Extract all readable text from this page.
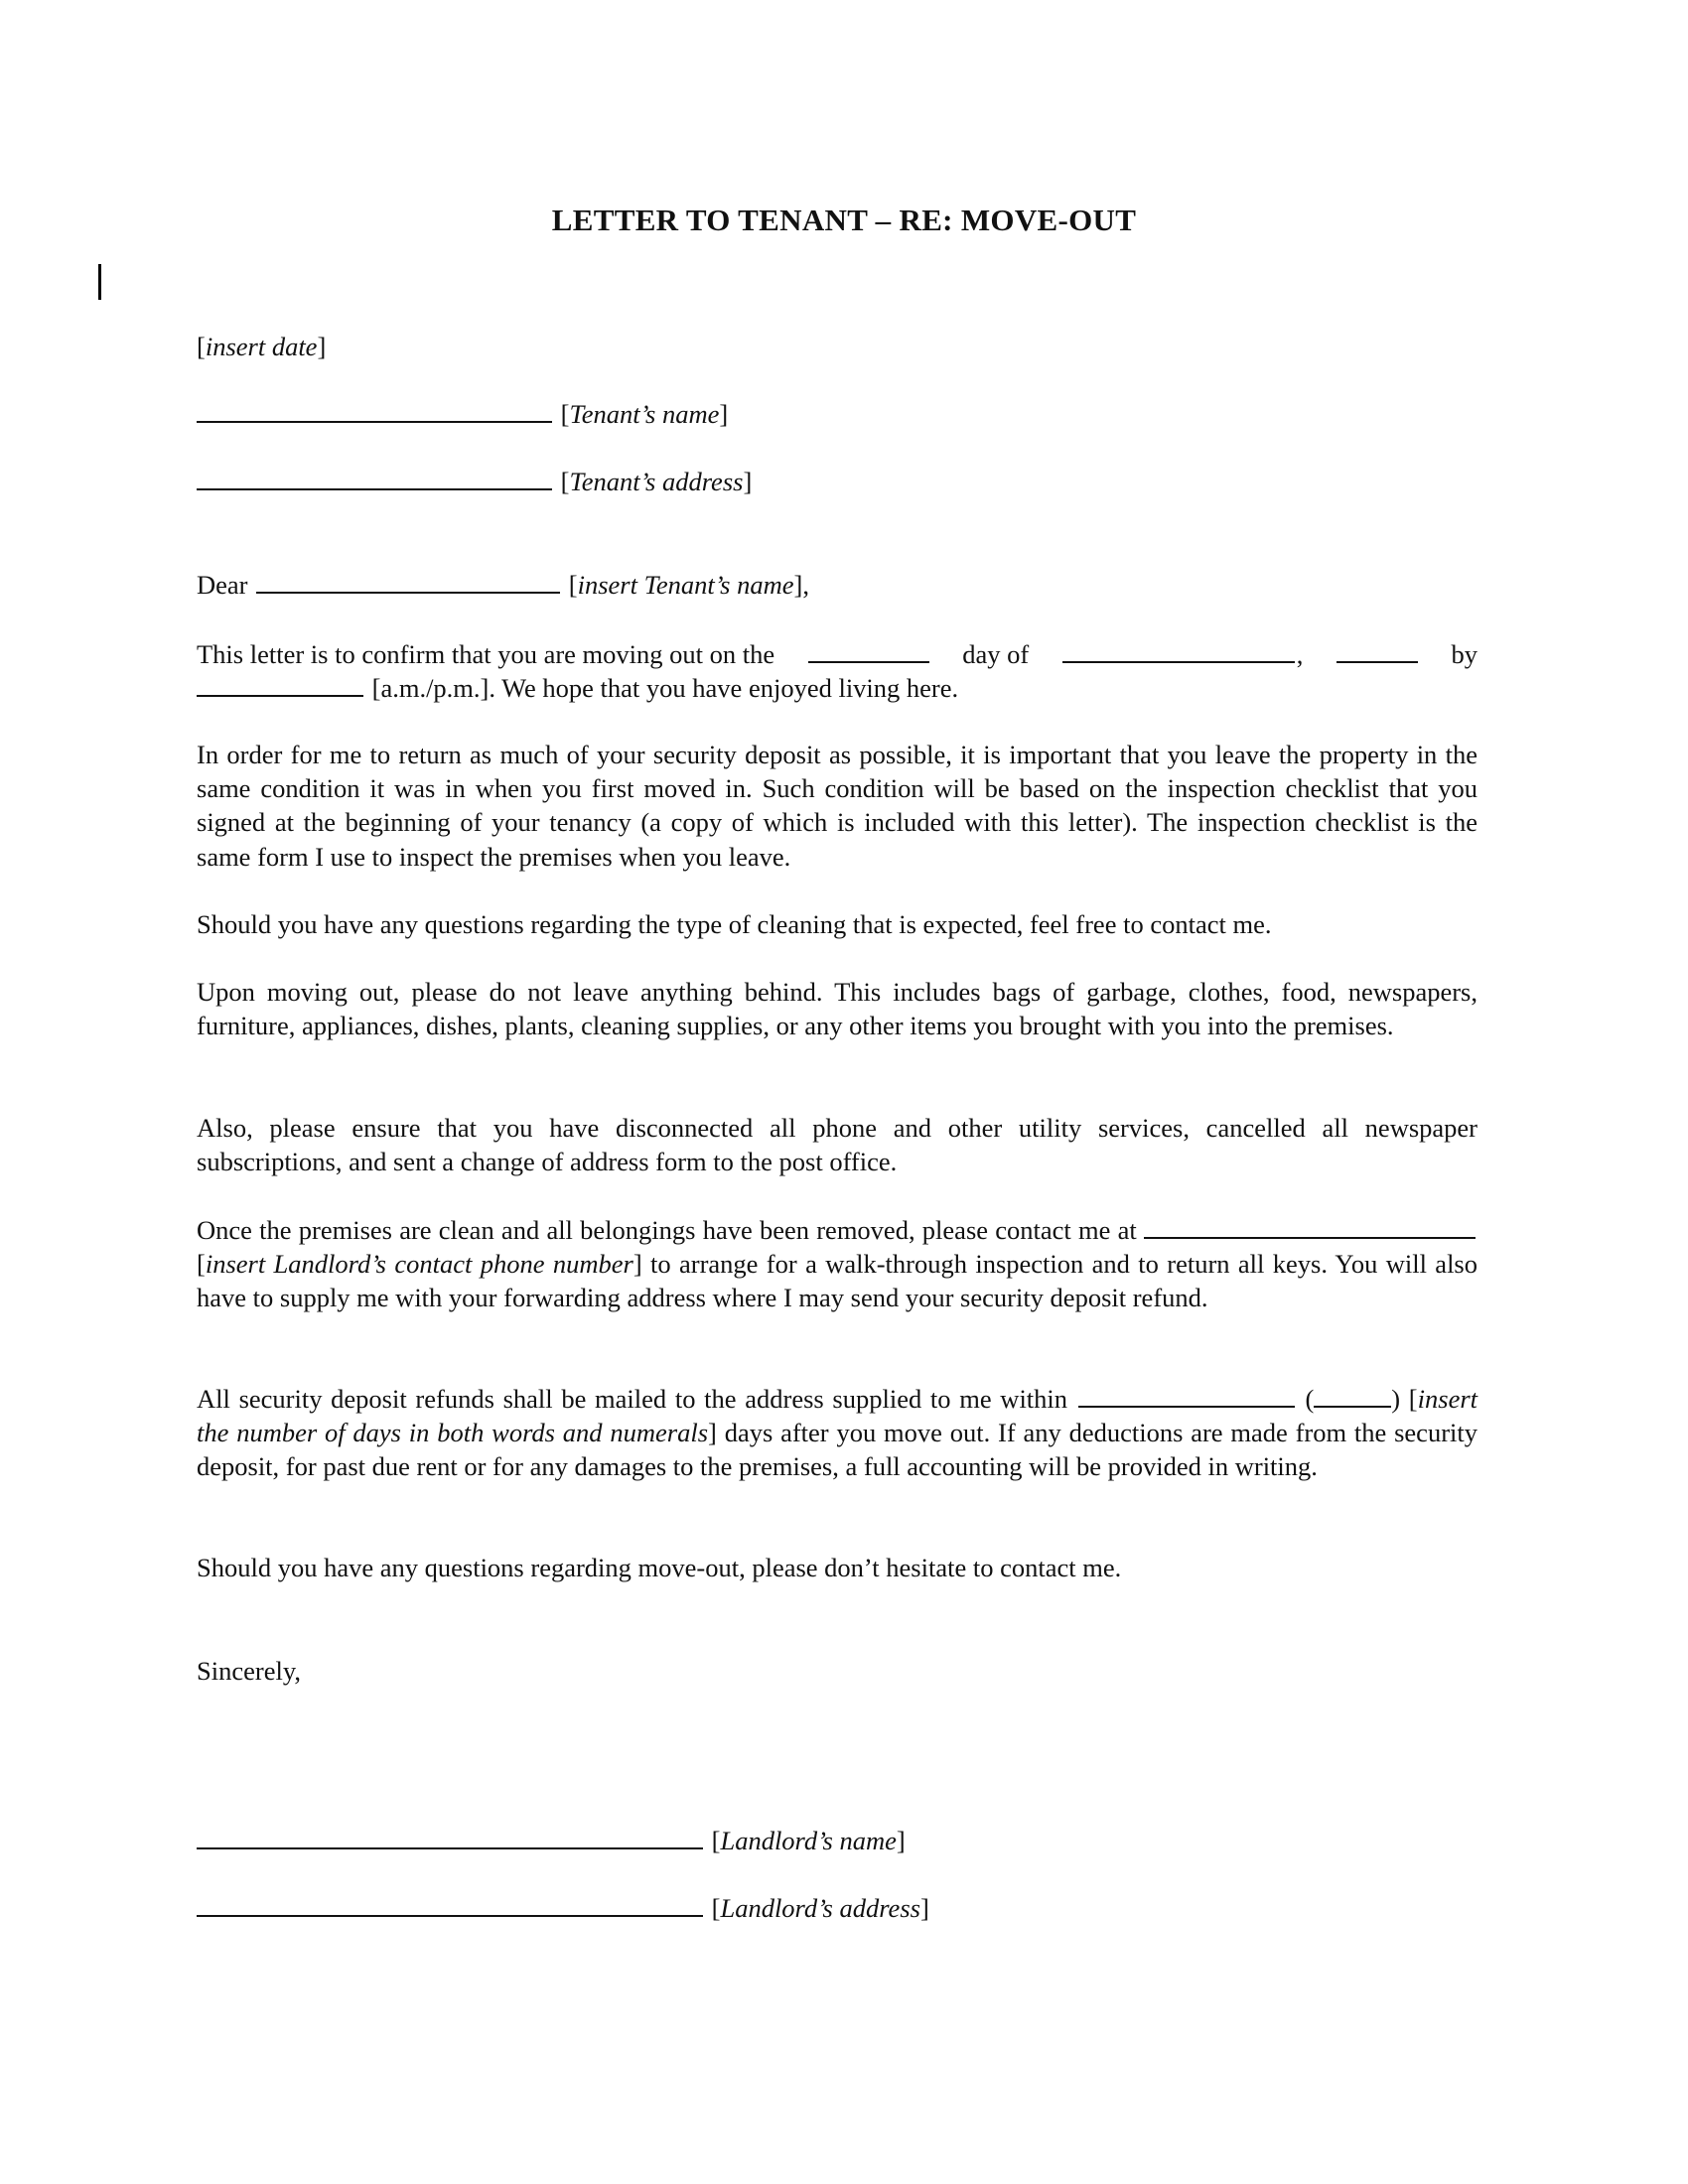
LETTER TO TENANT – RE: MOVE-OUT
[insert date]
[Tenant’s name]
[Tenant’s address]
Dear	[insert Tenant’s name],
This letter is to confirm that you are moving out on the	day of	,	by
[a.m./p.m.]. We hope that you have enjoyed living here.
In order for me to return as much of your security deposit as possible, it is important that you leave the property in the same condition it was in when you first moved in. Such condition will be based on the inspection checklist that you signed at the beginning of your tenancy (a copy of which is included with this letter). The inspection checklist is the same form I use to inspect the premises when you leave.
Should you have any questions regarding the type of cleaning that is expected, feel free to contact me.
Upon moving out, please do not leave anything behind. This includes bags of garbage, clothes, food, newspapers, furniture, appliances, dishes, plants, cleaning supplies, or any other items you brought with you into the premises.
Also, please ensure that you have disconnected all phone and other utility services, cancelled all newspaper subscriptions, and sent a change of address form to the post office.
Once the premises are clean and all belongings have been removed, please contact me at  [insert Landlord’s contact phone number] to arrange for a walk-through inspection and to return all keys. You will also have to supply me with your forwarding address where I may send your security deposit refund.
All security deposit refunds shall be mailed to the address supplied to me within	(	) [insert the number of days in both words and numerals] days after you move out. If any deductions are made from the security deposit, for past due rent or for any damages to the premises, a full accounting will be provided in writing.
Should you have any questions regarding move-out, please don’t hesitate to contact me.
Sincerely,
[Landlord’s name]
[Landlord’s address]
